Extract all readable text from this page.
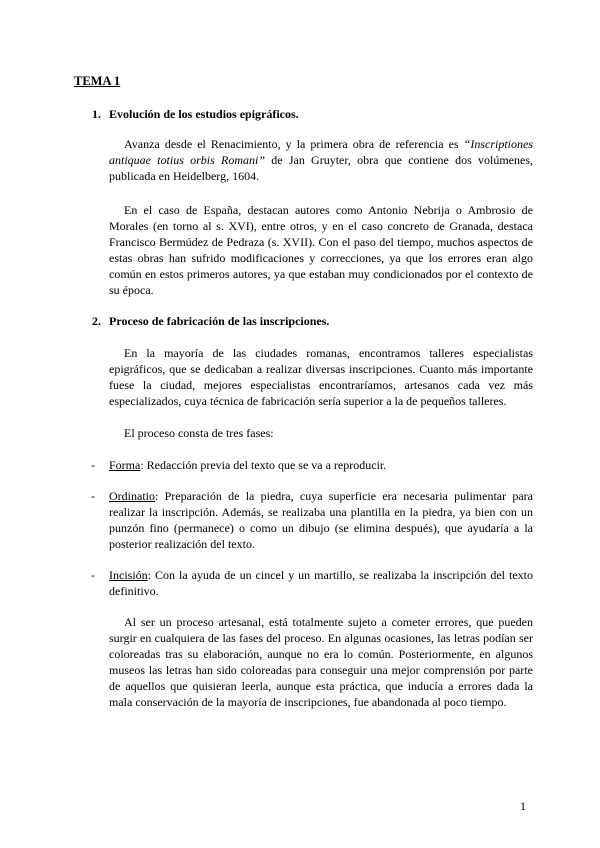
TEMA 1
1. Evolución de los estudios epigráficos.

Avanza desde el Renacimiento, y la primera obra de referencia es “Inscriptiones antiquae totius orbis Romani” de Jan Gruyter, obra que contiene dos volúmenes, publicada en Heidelberg, 1604.

En el caso de España, destacan autores como Antonio Nebrija o Ambrosio de Morales (en torno al s. XVI), entre otros, y en el caso concreto de Granada, destaca Francisco Bermúdez de Pedraza (s. XVII). Con el paso del tiempo, muchos aspectos de estas obras han sufrido modificaciones y correcciones, ya que los errores eran algo común en estos primeros autores, ya que estaban muy condicionados por el contexto de su época.

2. Proceso de fabricación de las inscripciones.

En la mayoría de las ciudades romanas, encontramos talleres especialistas epigráficos, que se dedicaban a realizar diversas inscripciones. Cuanto más importante fuese la ciudad, mejores especialistas encontraríamos, artesanos cada vez más especializados, cuya técnica de fabricación sería superior a la de pequeños talleres.

El proceso consta de tres fases:

- Forma: Redacción previa del texto que se va a reproducir.
- Ordinatio: Preparación de la piedra, cuya superficie era necesaria pulimentar para realizar la inscripción. Además, se realizaba una plantilla en la piedra, ya bien con un punzón fino (permanece) o como un dibujo (se elimina después), que ayudaría a la posterior realización del texto.
- Incisión: Con la ayuda de un cincel y un martillo, se realizaba la inscripción del texto definitivo.

Al ser un proceso artesanal, está totalmente sujeto a cometer errores, que pueden surgir en cualquiera de las fases del proceso. En algunas ocasiones, las letras podían ser coloreadas tras su elaboración, aunque no era lo común. Posteriormente, en algunos museos las letras han sido coloreadas para conseguir una mejor comprensión por parte de aquellos que quisieran leerla, aunque esta práctica, que inducía a errores dada la mala conservación de la mayoría de inscripciones, fue abandonada al poco tiempo.

1
